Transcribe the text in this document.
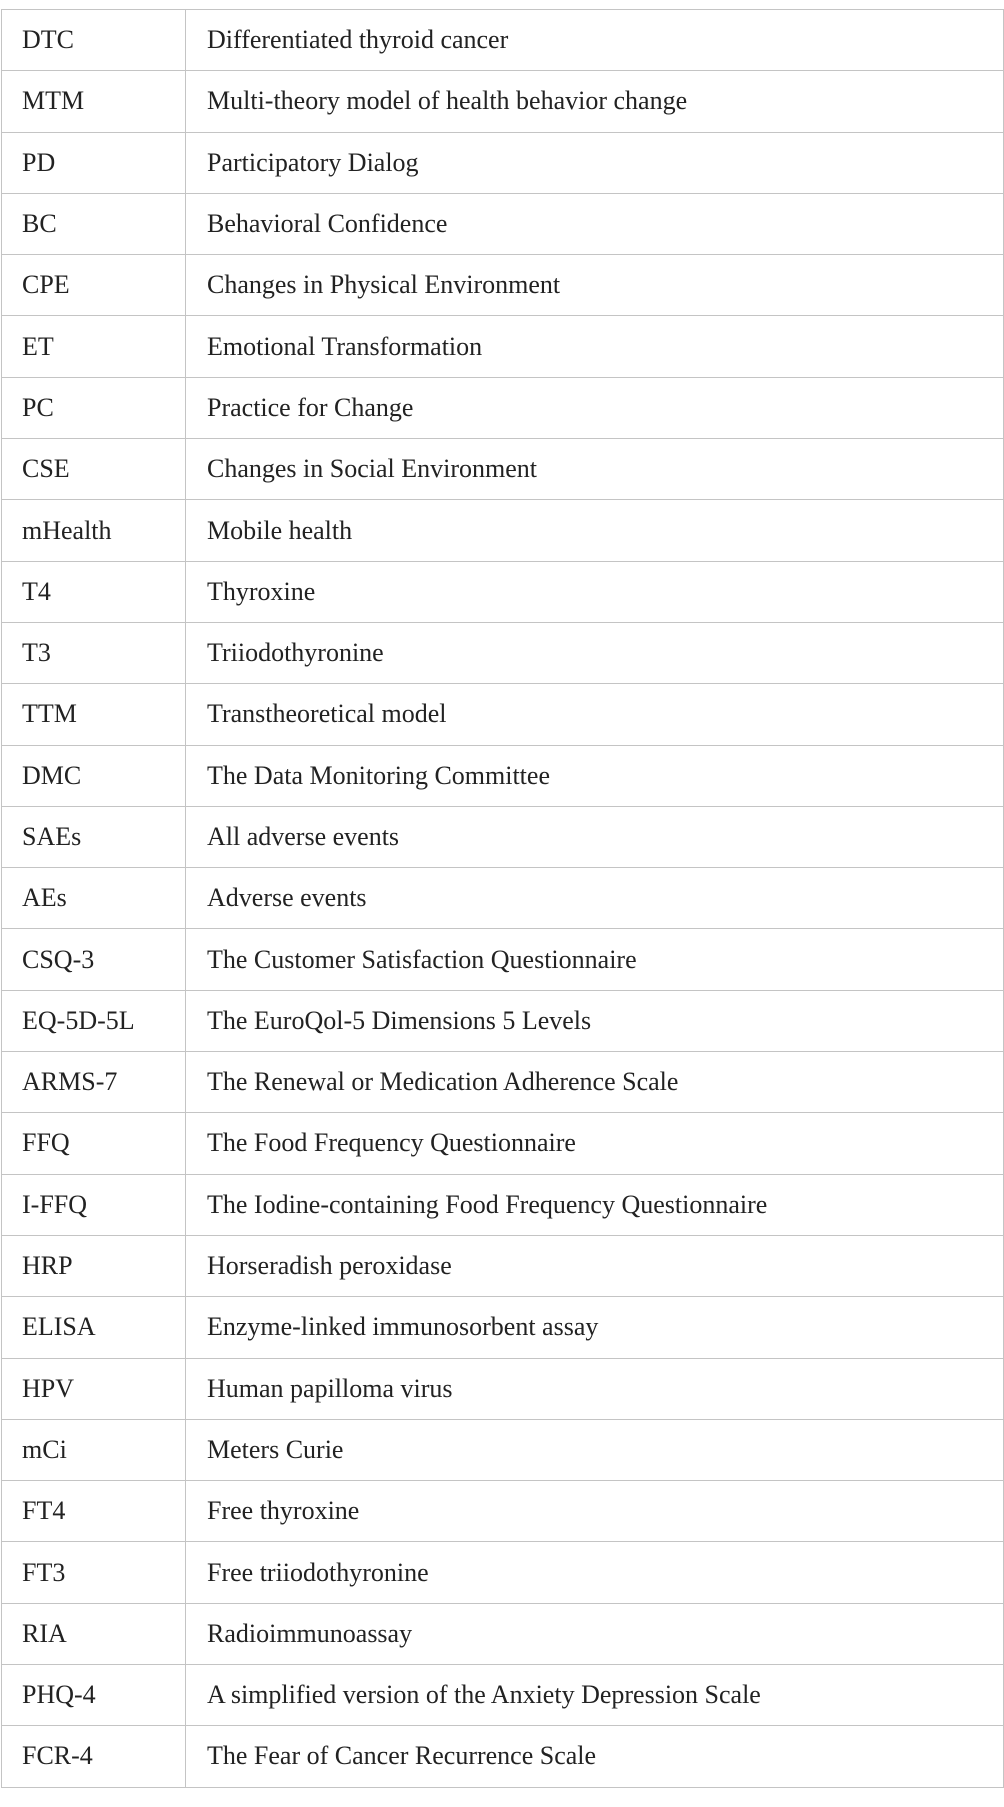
DTC	Differentiated thyroid cancer
MTM	Multi-theory model of health behavior change
PD	Participatory Dialog
BC	Behavioral Confidence
CPE	Changes in Physical Environment
ET	Emotional Transformation
PC	Practice for Change
CSE	Changes in Social Environment
mHealth	Mobile health
T4	Thyroxine
T3	Triiodothyronine
TTM	Transtheoretical model
DMC	The Data Monitoring Committee
SAEs	All adverse events
AEs	Adverse events
CSQ-3	The Customer Satisfaction Questionnaire
EQ-5D-5L	The EuroQol-5 Dimensions 5 Levels
ARMS-7	The Renewal or Medication Adherence Scale
FFQ	The Food Frequency Questionnaire
I-FFQ	The Iodine-containing Food Frequency Questionnaire
HRP	Horseradish peroxidase
ELISA	Enzyme-linked immunosorbent assay
HPV	Human papilloma virus
mCi	Meters Curie
FT4	Free thyroxine
FT3	Free triiodothyronine
RIA	Radioimmunoassay
PHQ-4	A simplified version of the Anxiety Depression Scale
FCR-4	The Fear of Cancer Recurrence Scale
